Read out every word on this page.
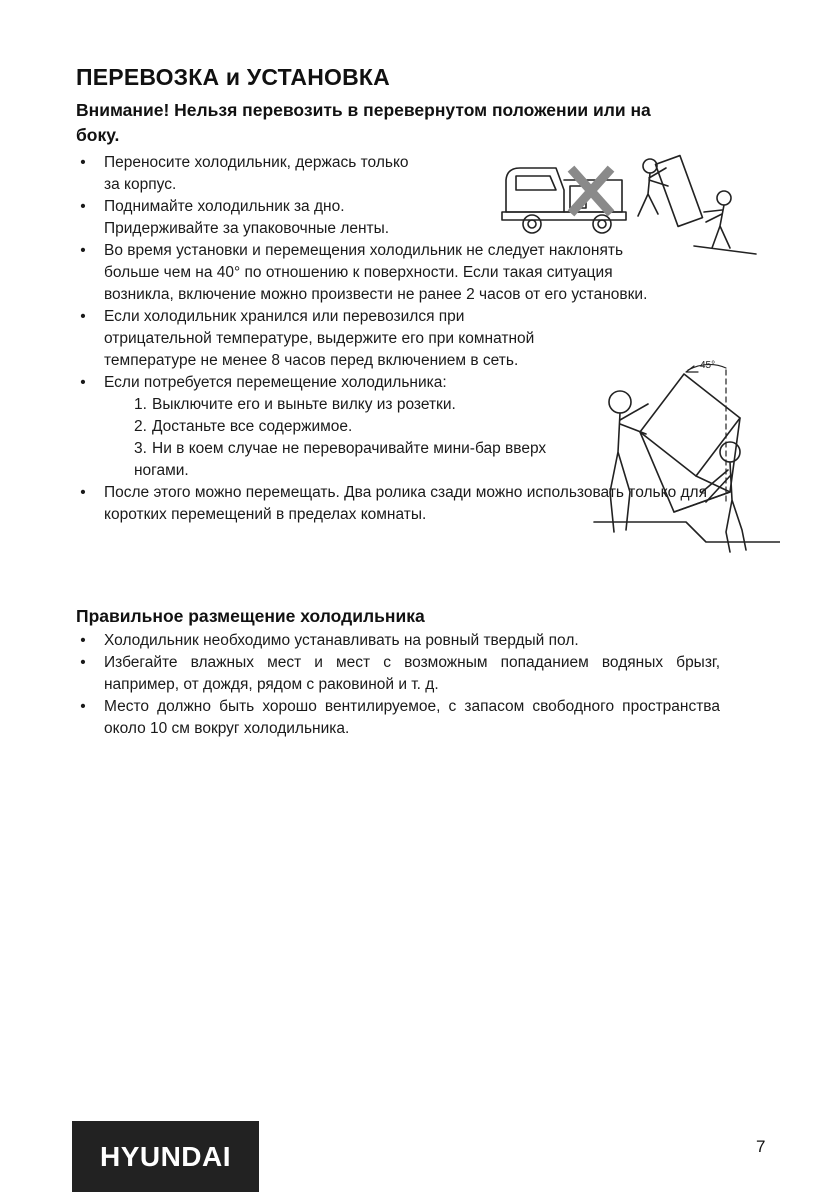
ПЕРЕВОЗКА и УСТАНОВКА

Внимание! Нельзя перевозить в перевернутом положении или на боку.

• Переносите холодильник, держась только
за корпус.
• Поднимайте холодильник за дно.
Придерживайте за упаковочные ленты.
• Во время установки и перемещения холодильник не следует наклонять больше чем на 40° по отношению к поверхности. Если такая ситуация возникла, включение можно произвести не ранее 2 часов от его установки.
• Если холодильник хранился или перевозился при отрицательной температуре, выдержите его при комнатной температуре не менее 8 часов перед включением в сеть.
• Если потребуется перемещение холодильника:
1. Выключите его и выньте вилку из розетки.
2. Достаньте все содержимое.
3. Ни в коем случае не переворачивайте мини-бар вверх ногами.
• После этого можно перемещать. Два ролика сзади можно использовать только для коротких перемещений в пределах комнаты.
45°
Правильное размещение холодильника
• Холодильник необходимо устанавливать на ровный твердый пол.
• Избегайте влажных мест и мест с возможным попаданием водяных брызг, например, от дождя, рядом с раковиной и т. д.
• Место должно быть хорошо вентилируемое, с запасом свободного пространства около 10 см вокруг холодильника.
HYUNDAI	7
